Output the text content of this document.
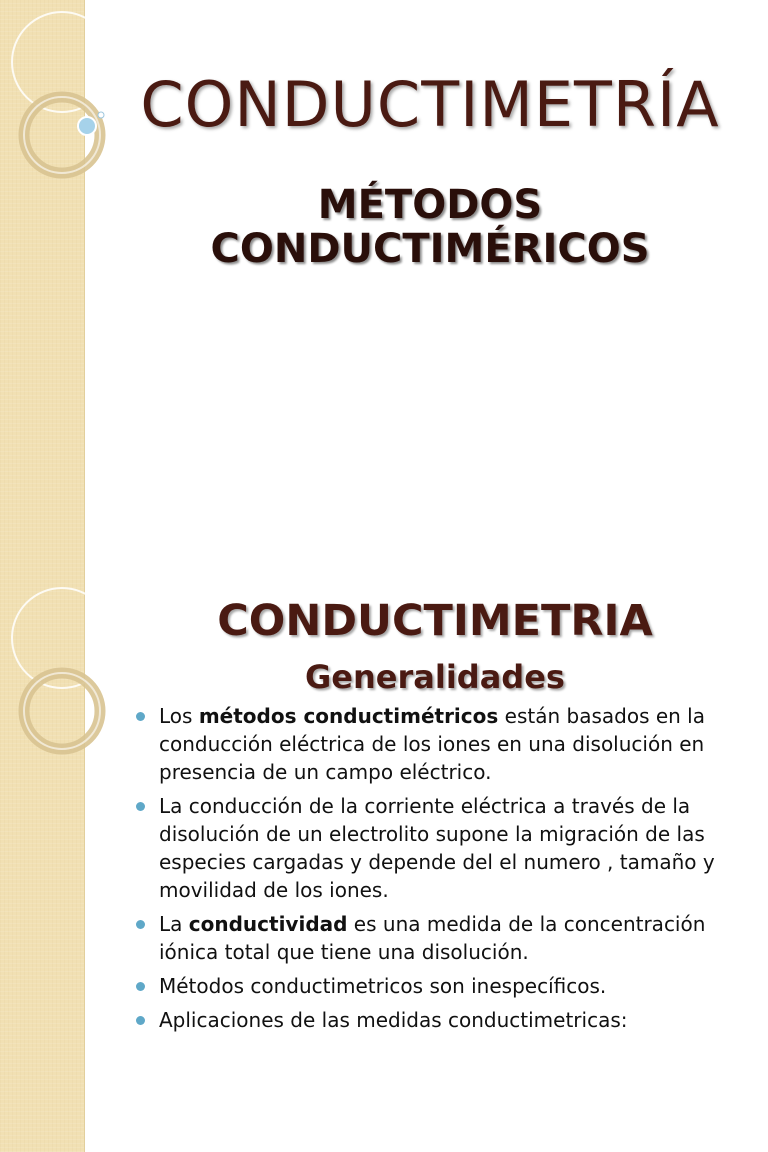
CONDUCTIMETRÍA
MÉTODOS
CONDUCTIMÉRICOS
CONDUCTIMETRIA
Generalidades
Los métodos conductimétricos están basados en la conducción eléctrica de los iones en una disolución en presencia de un campo eléctrico.
La conducción de la corriente eléctrica a través de la disolución de un electrolito supone la migración de las especies cargadas y depende del el numero , tamaño y movilidad de los iones.
La conductividad es una medida de la concentración iónica total que tiene una disolución.
Métodos conductimetricos son inespecíficos.
Aplicaciones de las medidas conductimetricas:
